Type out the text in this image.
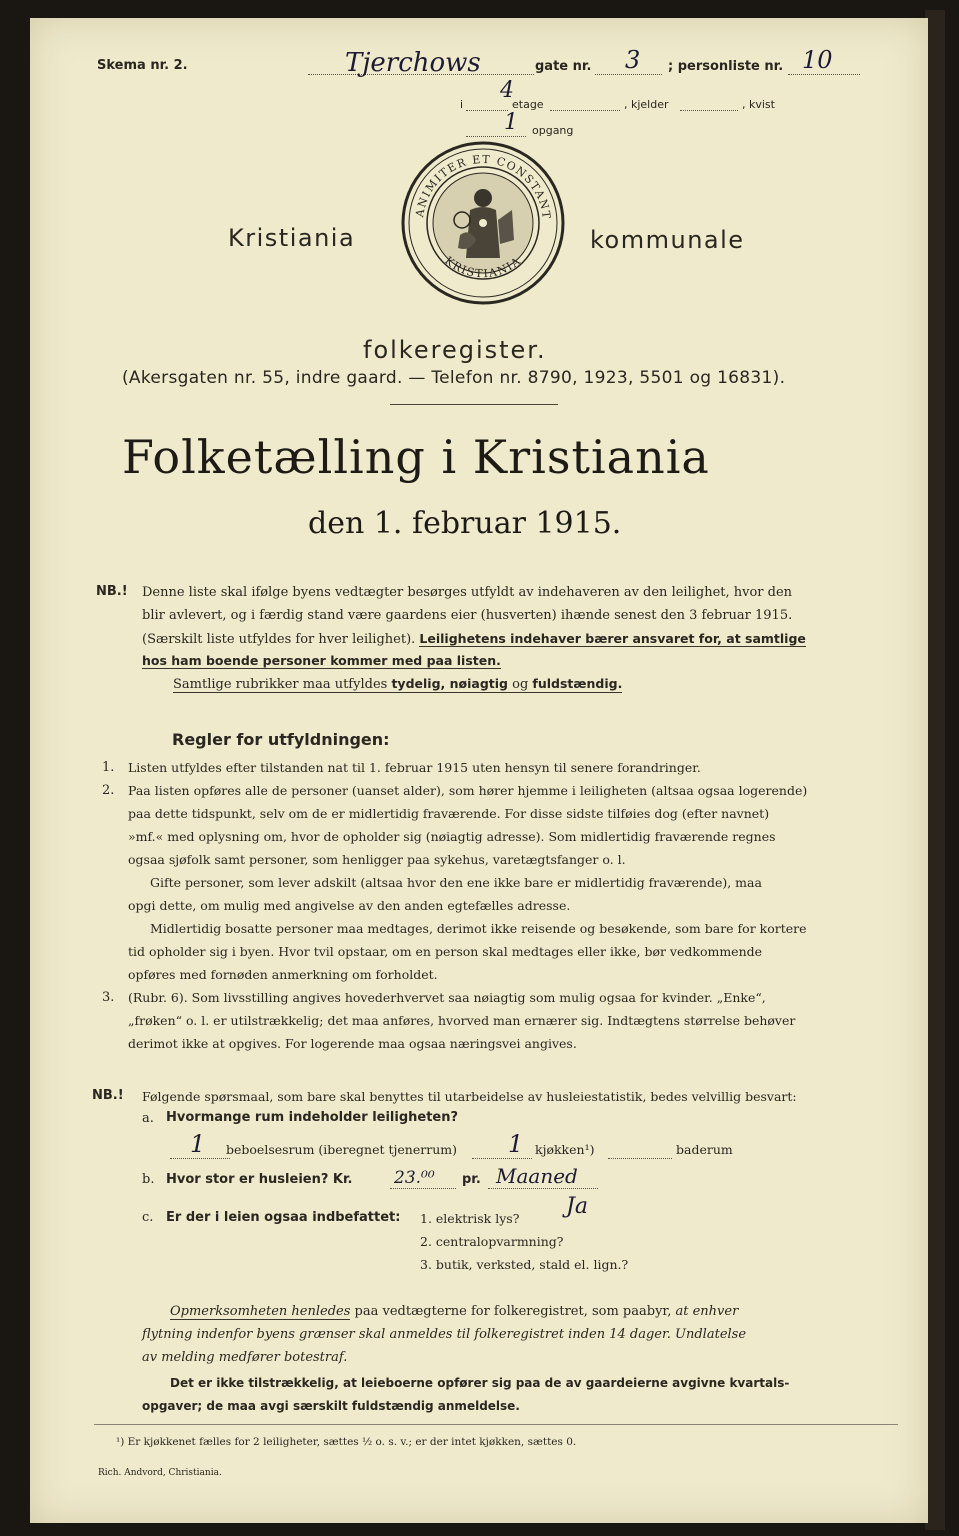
Skema nr. 2.	Tjerchows	gate nr. 3 ; personliste nr. 10
i
4
etage	, kjelder	, kvist
1 opgang
ANIMITER ET CONSTANT
KRISTIANIA
Kristiania	kommunale
folkeregister.
(Akersgaten nr. 55, indre gaard. — Telefon nr. 8790, 1923, 5501 og 16831).
Folketælling i Kristiania
den 1. februar 1915.
NB.! Denne liste skal ifølge byens vedtægter besørges utfyldt av indehaveren av den leilighet, hvor den
blir avlevert, og i færdig stand være gaardens eier (husverten) ihænde senest den 3 februar 1915.
(Særskilt liste utfyldes for hver leilighet). Leilighetens indehaver bærer ansvaret for, at samtlige
hos ham boende personer kommer med paa listen.
Samtlige rubrikker maa utfyldes tydelig, nøiagtig og fuldstændig.
Regler for utfyldningen:
1. Listen utfyldes efter tilstanden nat til 1. februar 1915 uten hensyn til senere forandringer.
2. Paa listen opføres alle de personer (uanset alder), som hører hjemme i leiligheten (altsaa ogsaa logerende)
paa dette tidspunkt, selv om de er midlertidig fraværende. For disse sidste tilføies dog (efter navnet)
»mf.« med oplysning om, hvor de opholder sig (nøiagtig adresse). Som midlertidig fraværende regnes
ogsaa sjøfolk samt personer, som henligger paa sykehus, varetægtsfanger o. l.
Gifte personer, som lever adskilt (altsaa hvor den ene ikke bare er midlertidig fraværende), maa
opgi dette, om mulig med angivelse av den anden egtefælles adresse.
Midlertidig bosatte personer maa medtages, derimot ikke reisende og besøkende, som bare for kortere
tid opholder sig i byen. Hvor tvil opstaar, om en person skal medtages eller ikke, bør vedkommende
opføres med fornøden anmerkning om forholdet.
3. (Rubr. 6). Som livsstilling angives hovederhvervet saa nøiagtig som mulig ogsaa for kvinder. „Enke“,
„frøken“ o. l. er utilstrækkelig; det maa anføres, hvorved man ernærer sig. Indtægtens størrelse behøver
derimot ikke at opgives. For logerende maa ogsaa næringsvei angives.
NB.! Følgende spørsmaal, som bare skal benyttes til utarbeidelse av husleiestatistik, bedes velvillig besvart:
a. Hvormange rum indeholder leiligheten?
1 beboelsesrum (iberegnet tjenerrum) 1 kjøkken¹)	baderum
b. Hvor stor er husleien? Kr. 23.⁰⁰ pr. Maaned
c. Er der i leien ogsaa indbefattet: 1. elektrisk lys? Ja
2. centralopvarmning?
3. butik, verksted, stald el. lign.?
Opmerksomheten henledes paa vedtægterne for folkeregistret, som paabyr, at enhver
flytning indenfor byens grænser skal anmeldes til folkeregistret inden 14 dager. Undlatelse
av melding medfører botestraf.
Det er ikke tilstrækkelig, at leieboerne opfører sig paa de av gaardeierne avgivne kvartals-
opgaver; de maa avgi særskilt fuldstændig anmeldelse.
¹) Er kjøkkenet fælles for 2 leiligheter, sættes ½ o. s. v.; er der intet kjøkken, sættes 0.
Rich. Andvord, Christiania.
